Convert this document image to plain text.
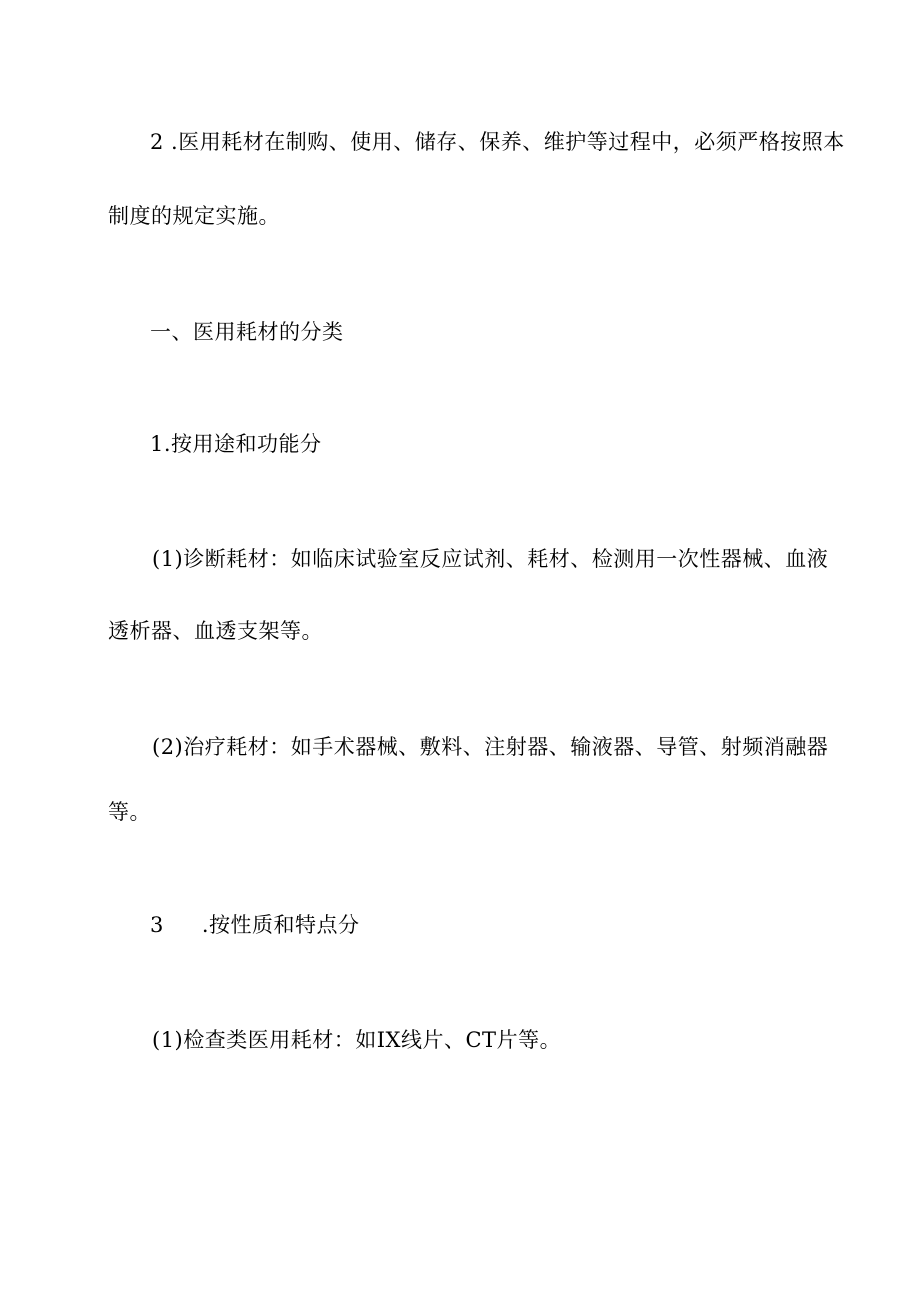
2 .医用耗材在制购、使用、储存、保养、维护等过程中，必须严格按照本
制度的规定实施。
一、医用耗材的分类
1.按用途和功能分
(1)诊断耗材：如临床试验室反应试剂、耗材、检测用一次性器械、血液
透析器、血透支架等。
(2)治疗耗材：如手术器械、敷料、注射器、输液器、导管、射频消融器
等。
3 .按性质和特点分
(1)检查类医用耗材：如IX线片、CT片等。
